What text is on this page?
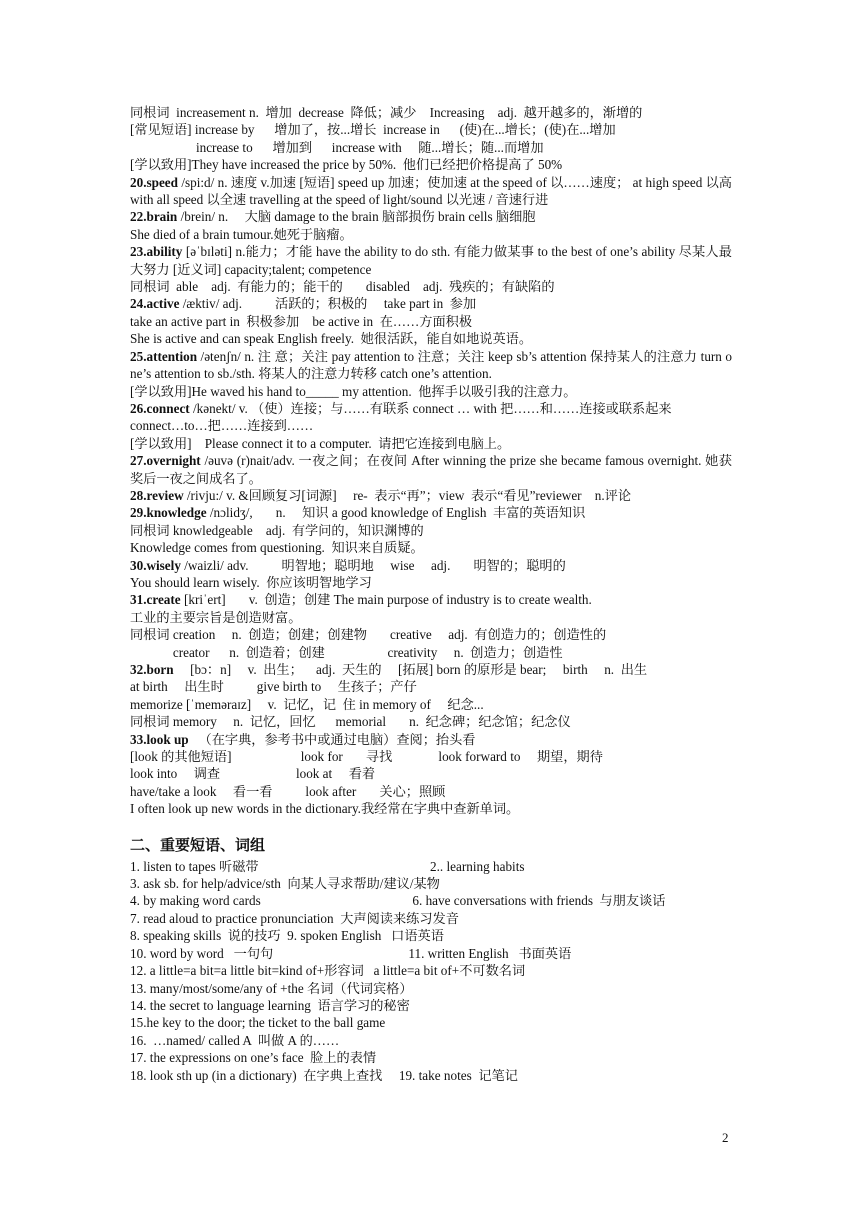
同根词  increasement n.  增加  decrease  降低；减少    Increasing    adj.  越开越多的，渐增的
[常见短语] increase by      增加了，按...增长  increase in      (使)在...增长；(使)在...增加
increase to      增加到      increase with     随...增长；随...而增加
[学以致用]They have increased the price by 50%.  他们已经把价格提高了 50%
20.speed /spi:d/ n. 速度 v.加速 [短语] speed up 加速；使加速 at the speed of 以……速度； at high speed 以高 with all speed 以全速 travelling at the speed of light/sound 以光速 / 音速行进
22.brain /brein/ n.     大脑 damage to the brain 脑部损伤 brain cells 脑细胞
She died of a brain tumour.她死于脑瘤。
23.ability [əˈbɪləti] n.能力；才能 have the ability to do sth. 有能力做某事 to the best of one’s ability 尽某人最大努力 [近义词] capacity;talent; competence
同根词  able    adj.  有能力的；能干的       disabled    adj.  残疾的；有缺陷的
24.active /æktiv/ adj.          活跃的；积极的     take part in  参加
take an active part in  积极参加    be active in  在……方面积极
She is active and can speak English freely.  她很活跃，能自如地说英语。
25.attention /ətenʃn/ n. 注 意；关注 pay attention to 注意；关注 keep sb’s attention 保持某人的注意力 turn one’s attention to sb./sth. 将某人的注意力转移 catch one’s attention.
[学以致用]He waved his hand to_____ my attention.  他挥手以吸引我的注意力。
26.connect /kənekt/ v. （使）连接；与……有联系 connect … with 把……和……连接或联系起来
connect…to…把……连接到……
[学以致用]    Please connect it to a computer.  请把它连接到电脑上。
27.overnight /əuvə (r)nait/adv. 一夜之间；在夜间 After winning the prize she became famous overnight. 她获奖后一夜之间成名了。
28.review /rivju:/ v. &回顾复习[词源]     re-  表示“再”；view  表示“看见”reviewer    n.评论
29.knowledge /nɔlidʒ/,       n.     知识 a good knowledge of English  丰富的英语知识
同根词 knowledgeable    adj.  有学问的，知识渊博的
Knowledge comes from questioning.  知识来自质疑。
30.wisely /waizli/ adv.          明智地；聪明地     wise     adj.       明智的；聪明的
You should learn wisely.  你应该明智地学习
31.create [kriˈert]       v.  创造；创建 The main purpose of industry is to create wealth.
工业的主要宗旨是创造财富。
同根词 creation     n.  创造；创建；创建物       creative     adj.  有创造力的；创造性的
creator      n.  创造着；创建                   creativity     n.  创造力；创造性
32.born     [bɔ：n]     v.  出生；    adj.  天生的     [拓展] born 的原形是 bear;     birth     n.  出生
at birth     出生时          give birth to     生孩子；产仔
memorize [ˈmeməraɪz]     v.  记忆，记  住 in memory of     纪念...
同根词 memory     n.  记忆，回忆      memorial       n.  纪念碑；纪念馆；纪念仪
33.look up   （在字典，参考书中或通过电脑）查阅；抬头看
[look 的其他短语]                     look for       寻找              look forward to     期望，期待
look into     调查                       look at     看着
have/take a look     看一看          look after       关心；照顾
I often look up new words in the dictionary.我经常在字典中查新单词。
二、重要短语、词组
1. listen to tapes 听磁带                                                    2.. learning habits
3. ask sb. for help/advice/sth  向某人寻求帮助/建议/某物
4. by making word cards                                              6. have conversations with friends  与朋友谈话
7. read aloud to practice pronunciation  大声阅读来练习发音
8. speaking skills  说的技巧  9. spoken English   口语英语
10. word by word   一句句                                         11. written English   书面英语
12. a little=a bit=a little bit=kind of+形容词   a little=a bit of+不可数名词
13. many/most/some/any of +the 名词（代词宾格）
14. the secret to language learning  语言学习的秘密
15.he key to the door; the ticket to the ball game
16.  …named/ called A  叫做 A 的……
17. the expressions on one’s face  脸上的表情
18. look sth up (in a dictionary)  在字典上查找     19. take notes  记笔记
2
